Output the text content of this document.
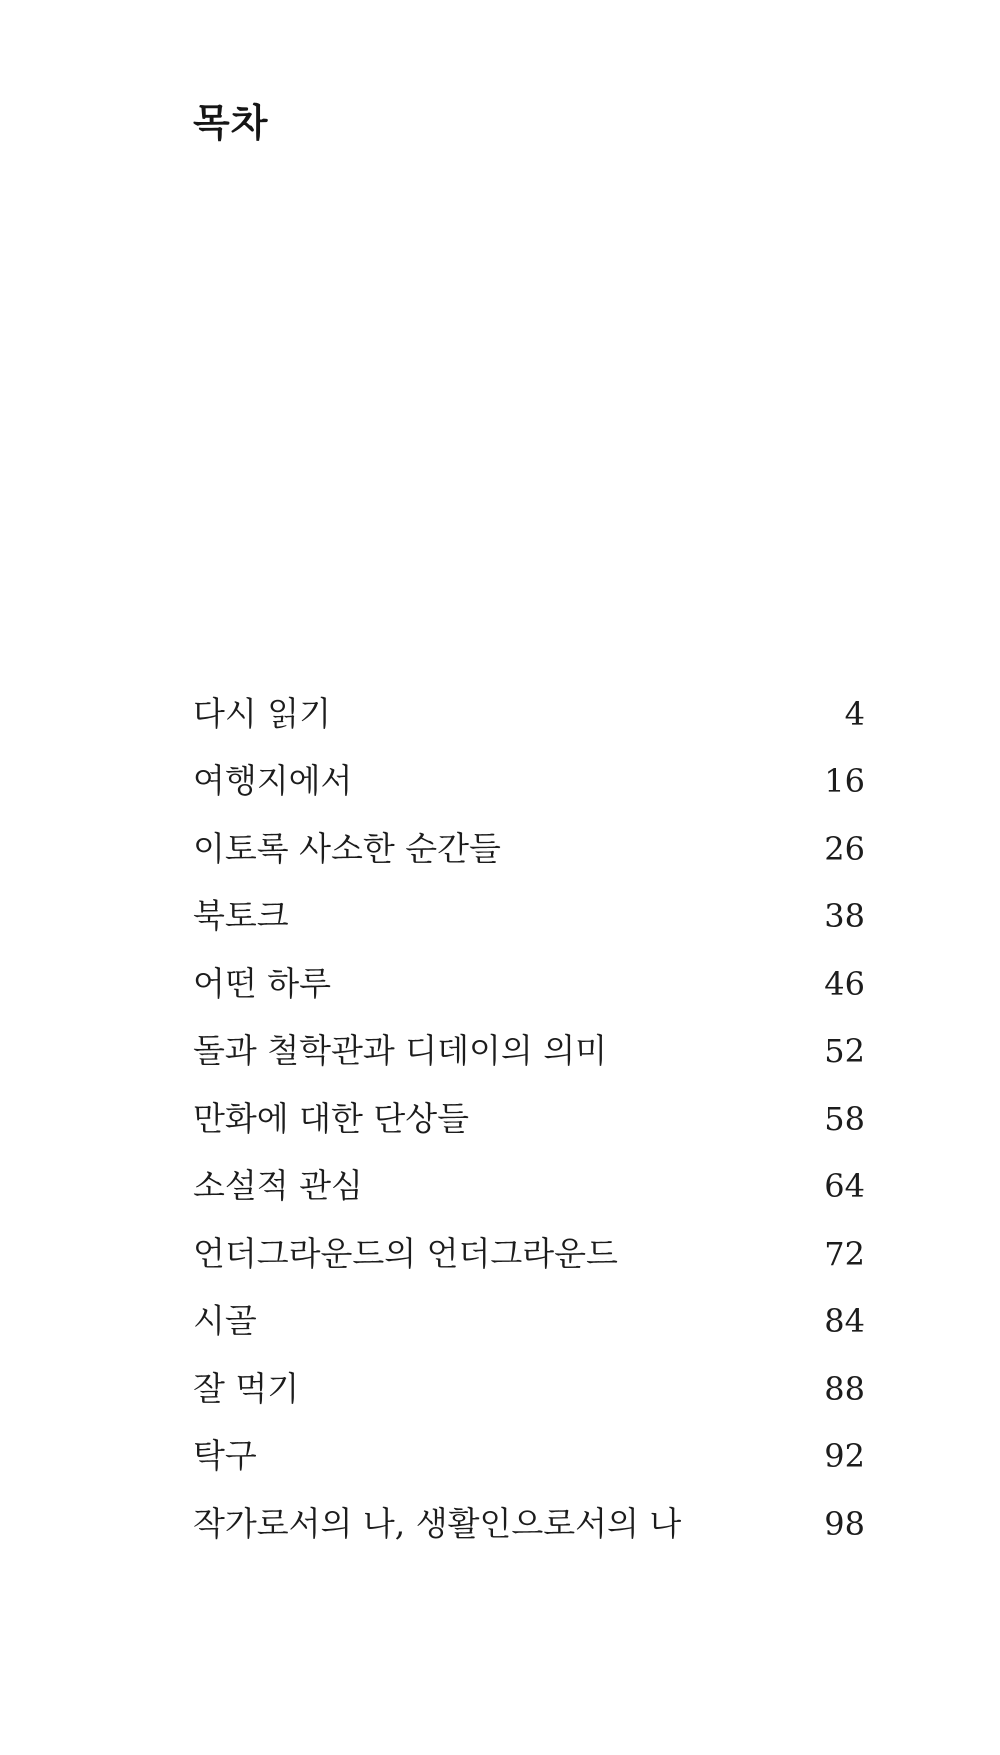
목차
다시 읽기	4
여행지에서	16
이토록 사소한 순간들	26
북토크	38
어떤 하루	46
돌과 철학관과 디데이의 의미	52
만화에 대한 단상들	58
소설적 관심	64
언더그라운드의 언더그라운드	72
시골	84
잘 먹기	88
탁구	92
작가로서의 나, 생활인으로서의 나	98
